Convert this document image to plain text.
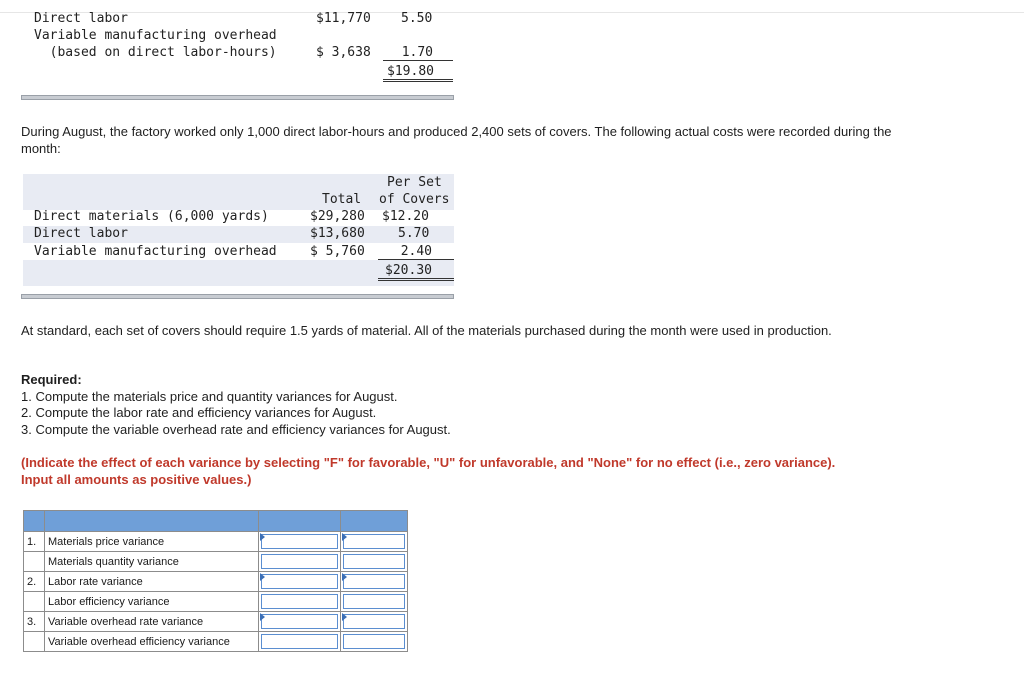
Direct labor	$11,770 5.50
Variable manufacturing overhead
(based on direct labor-hours)	$ 3,638	1.70
$19.80
During August, the factory worked only 1,000 direct labor-hours and produced 2,400 sets of covers. The following actual costs were recorded during the month:
Per Set
Total of Covers
Direct materials (6,000 yards)	$29,280 $12.20
Direct labor	$13,680	5.70
Variable manufacturing overhead	$ 5,760	2.40
$20.30
At standard, each set of covers should require 1.5 yards of material. All of the materials purchased during the month were used in production.
Required:
1. Compute the materials price and quantity variances for August.
2. Compute the labor rate and efficiency variances for August.
3. Compute the variable overhead rate and efficiency variances for August.
(Indicate the effect of each variance by selecting "F" for favorable, "U" for unfavorable, and "None" for no effect (i.e., zero variance). Input all amounts as positive values.)

1.	Materials price variance	

	Materials quantity variance	

2.	Labor rate variance	

	Labor efficiency variance	

3.	Variable overhead rate variance	

	Variable overhead efficiency variance	
